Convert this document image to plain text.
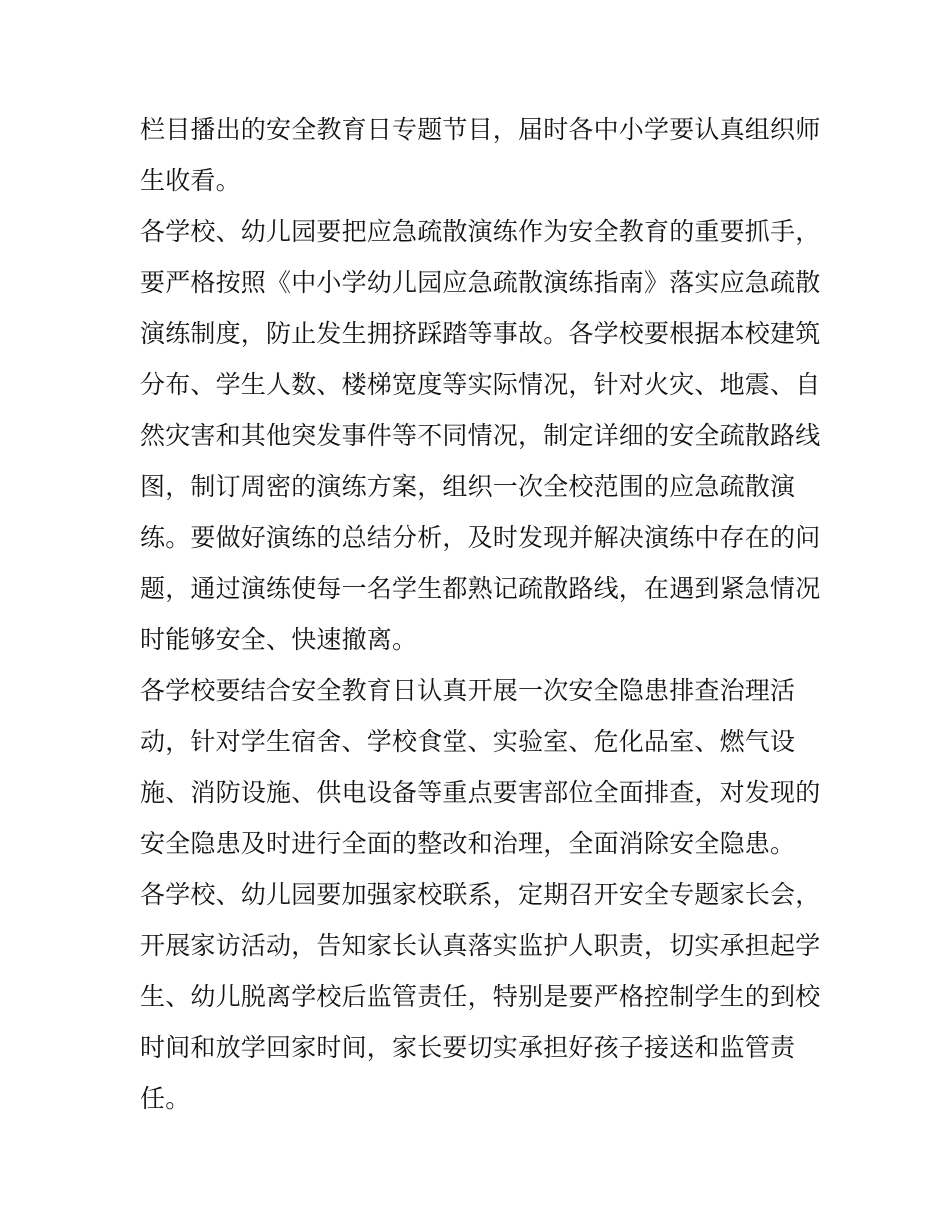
栏目播出的安全教育日专题节目，届时各中小学要认真组织师
生收看。
各学校、幼儿园要把应急疏散演练作为安全教育的重要抓手，
要严格按照《中小学幼儿园应急疏散演练指南》落实应急疏散
演练制度，防止发生拥挤踩踏等事故。各学校要根据本校建筑
分布、学生人数、楼梯宽度等实际情况，针对火灾、地震、自
然灾害和其他突发事件等不同情况，制定详细的安全疏散路线
图，制订周密的演练方案，组织一次全校范围的应急疏散演
练。要做好演练的总结分析，及时发现并解决演练中存在的问
题，通过演练使每一名学生都熟记疏散路线，在遇到紧急情况
时能够安全、快速撤离。
各学校要结合安全教育日认真开展一次安全隐患排查治理活
动，针对学生宿舍、学校食堂、实验室、危化品室、燃气设
施、消防设施、供电设备等重点要害部位全面排查，对发现的
安全隐患及时进行全面的整改和治理，全面消除安全隐患。
各学校、幼儿园要加强家校联系，定期召开安全专题家长会，
开展家访活动，告知家长认真落实监护人职责，切实承担起学
生、幼儿脱离学校后监管责任，特别是要严格控制学生的到校
时间和放学回家时间，家长要切实承担好孩子接送和监管责
任。
